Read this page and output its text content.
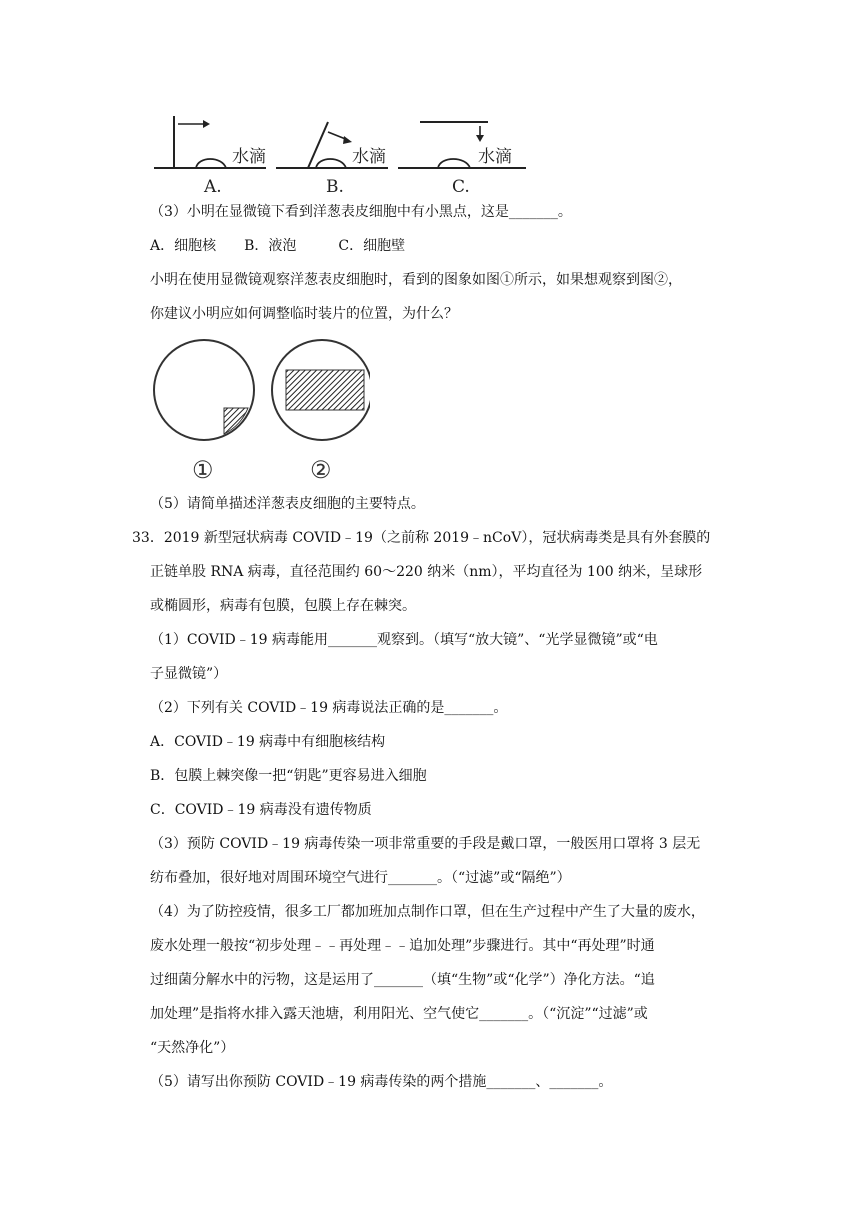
水滴
A.
水滴
B.
水滴
C.
（3）小明在显微镜下看到洋葱表皮细胞中有小黑点，这是_______。
A．细胞核　　B．液泡　　　C．细胞壁
小明在使用显微镜观察洋葱表皮细胞时，看到的图象如图①所示，如果想观察到图②，
你建议小明应如何调整临时装片的位置，为什么？
①	②
（5）请简单描述洋葱表皮细胞的主要特点。
33．2019 新型冠状病毒 COVID﹣19（之前称 2019﹣nCoV），冠状病毒类是具有外套膜的
正链单股 RNA 病毒，直径范围约 60～220 纳米（nm），平均直径为 100 纳米，呈球形
或椭圆形，病毒有包膜，包膜上存在棘突。
（1）COVID﹣19 病毒能用_______观察到。（填写“放大镜”、“光学显微镜”或“电
子显微镜”）
（2）下列有关 COVID﹣19 病毒说法正确的是_______。
A．COVID﹣19 病毒中有细胞核结构
B．包膜上棘突像一把“钥匙”更容易进入细胞
C．COVID﹣19 病毒没有遗传物质
（3）预防 COVID﹣19 病毒传染一项非常重要的手段是戴口罩，一般医用口罩将 3 层无
纺布叠加，很好地对周围环境空气进行_______。（“过滤”或“隔绝”）
（4）为了防控疫情，很多工厂都加班加点制作口罩，但在生产过程中产生了大量的废水，
废水处理一般按“初步处理﹣﹣再处理﹣﹣追加处理”步骤进行。其中“再处理”时通
过细菌分解水中的污物，这是运用了_______（填“生物”或“化学”）净化方法。“追
加处理”是指将水排入露天池塘，利用阳光、空气使它_______。（“沉淀”“过滤”或
“天然净化”）
（5）请写出你预防 COVID﹣19 病毒传染的两个措施_______、_______。
